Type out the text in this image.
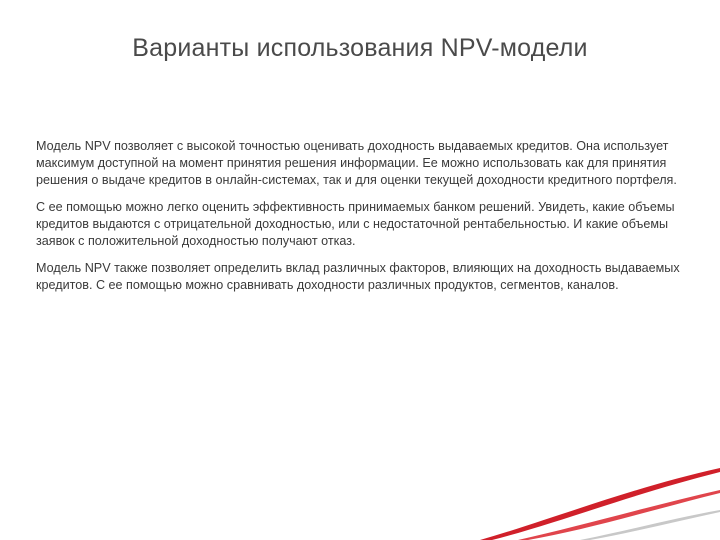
Варианты использования NPV-модели

Модель NPV позволяет с высокой точностью оценивать доходность выдаваемых кредитов. Она использует максимум доступной на момент принятия решения информации. Ее можно использовать как для принятия решения о выдаче кредитов в онлайн-системах, так и для оценки текущей доходности кредитного портфеля.

С ее помощью можно легко оценить эффективность принимаемых банком решений. Увидеть, какие объемы кредитов выдаются с отрицательной доходностью, или с недостаточной рентабельностью. И какие объемы заявок с положительной доходностью получают отказ.

Модель NPV также позволяет определить вклад различных факторов, влияющих на доходность выдаваемых кредитов. С ее помощью можно сравнивать доходности различных продуктов, сегментов, каналов.
